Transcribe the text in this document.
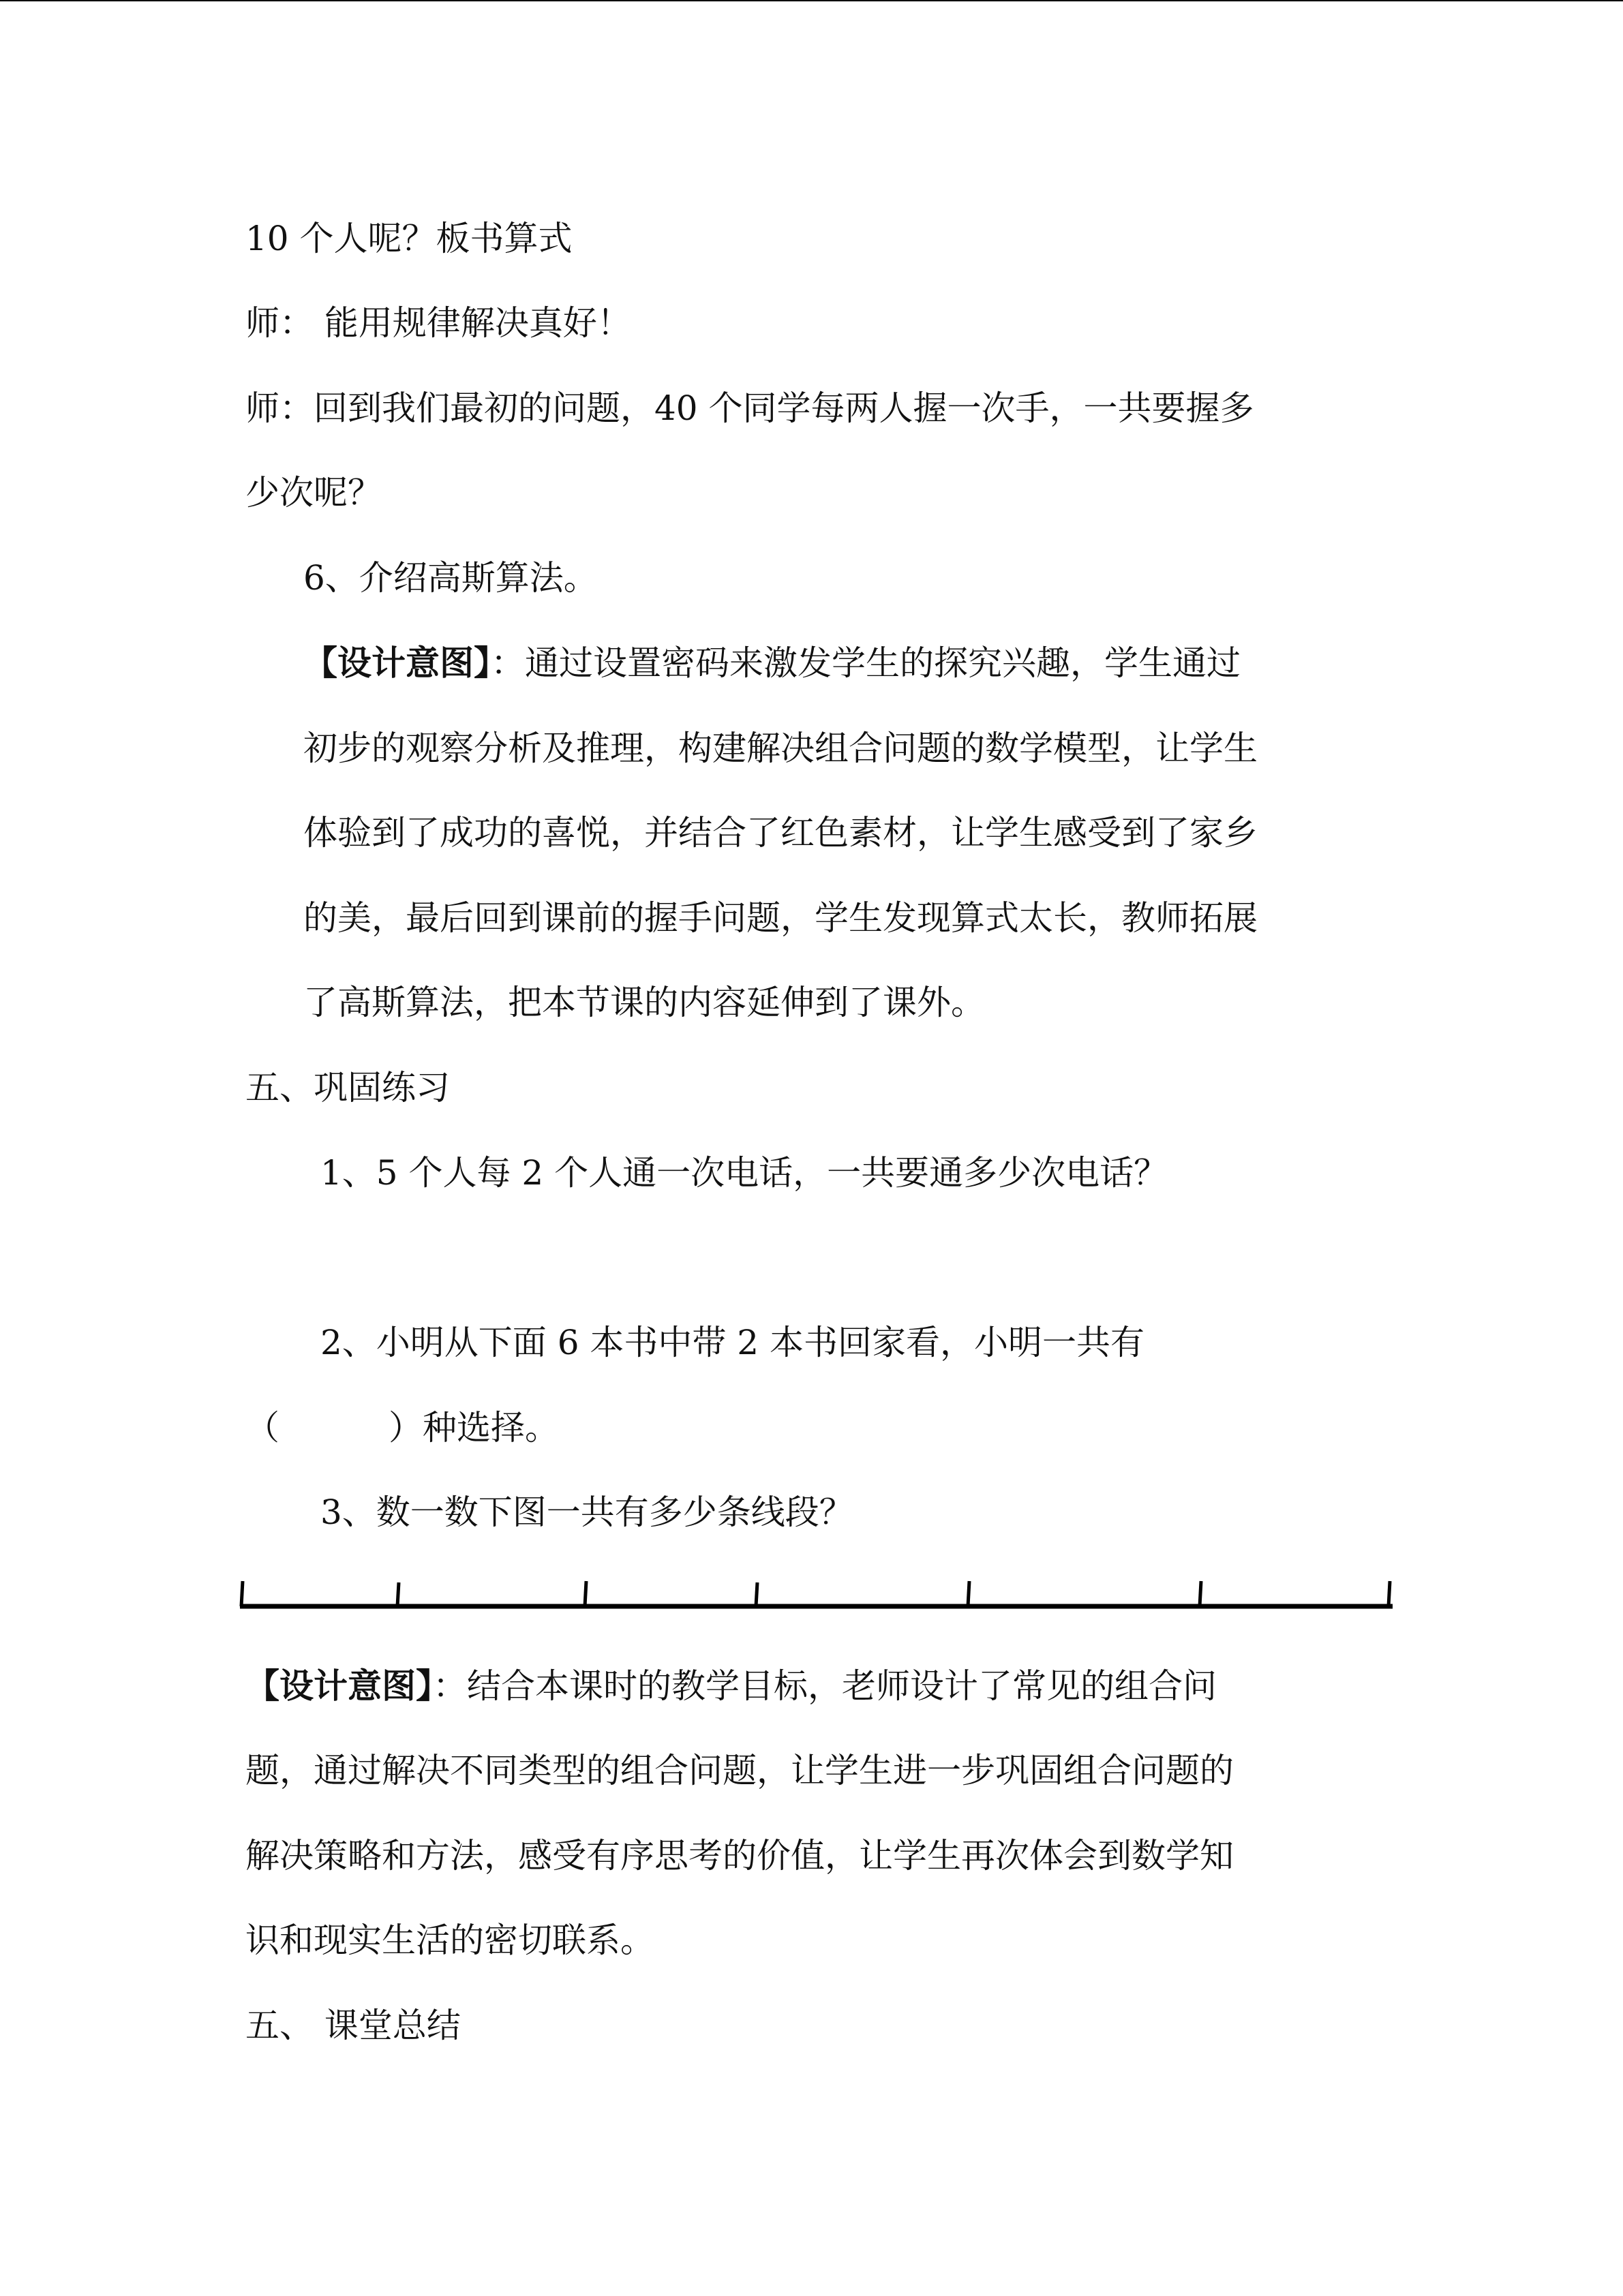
10 个人呢？板书算式
师： 能用规律解决真好！
师：回到我们最初的问题，40 个同学每两人握一次手，一共要握多
少次呢？
6、介绍高斯算法。
【设计意图】：通过设置密码来激发学生的探究兴趣，学生通过
初步的观察分析及推理，构建解决组合问题的数学模型，让学生
体验到了成功的喜悦，并结合了红色素材，让学生感受到了家乡
的美，最后回到课前的握手问题，学生发现算式太长，教师拓展
了高斯算法，把本节课的内容延伸到了课外。
五、巩固练习
1、5 个人每 2 个人通一次电话，一共要通多少次电话？
2、小明从下面 6 本书中带 2 本书回家看，小明一共有
（	）种选择。
3、数一数下图一共有多少条线段？
【设计意图】：结合本课时的教学目标，老师设计了常见的组合问
题，通过解决不同类型的组合问题，让学生进一步巩固组合问题的
解决策略和方法，感受有序思考的价值，让学生再次体会到数学知
识和现实生活的密切联系。
五、 课堂总结
